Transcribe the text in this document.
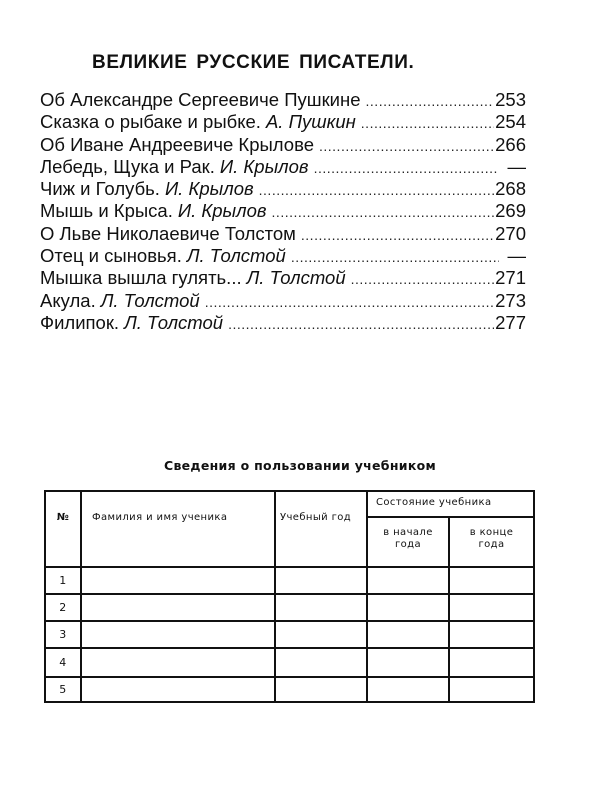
ВЕЛИКИЕ РУССКИЕ ПИСАТЕЛИ.
Об Александре Сергеевиче Пушкине .....	253
Сказка о рыбаке и рыбке. А. Пушкин .....	254
Об Иване Андреевиче Крылове .....	266
Лебедь, Щука и Рак. И. Крылов .....	—
Чиж и Голубь. И. Крылов .....	268
Мышь и Крыса. И. Крылов .....	269
О Льве Николаевиче Толстом .....	270
Отец и сыновья. Л. Толстой .....	—
Мышка вышла гулять... Л. Толстой .....	271
Акула. Л. Толстой .....	273
Филипок. Л. Толстой .....	277
Сведения о пользовании учебником
№	Фамилия и имя ученика	Учебный год	Состояние учебника	
			в начале года	в конце года
1				
2				
3				
4				
5				
